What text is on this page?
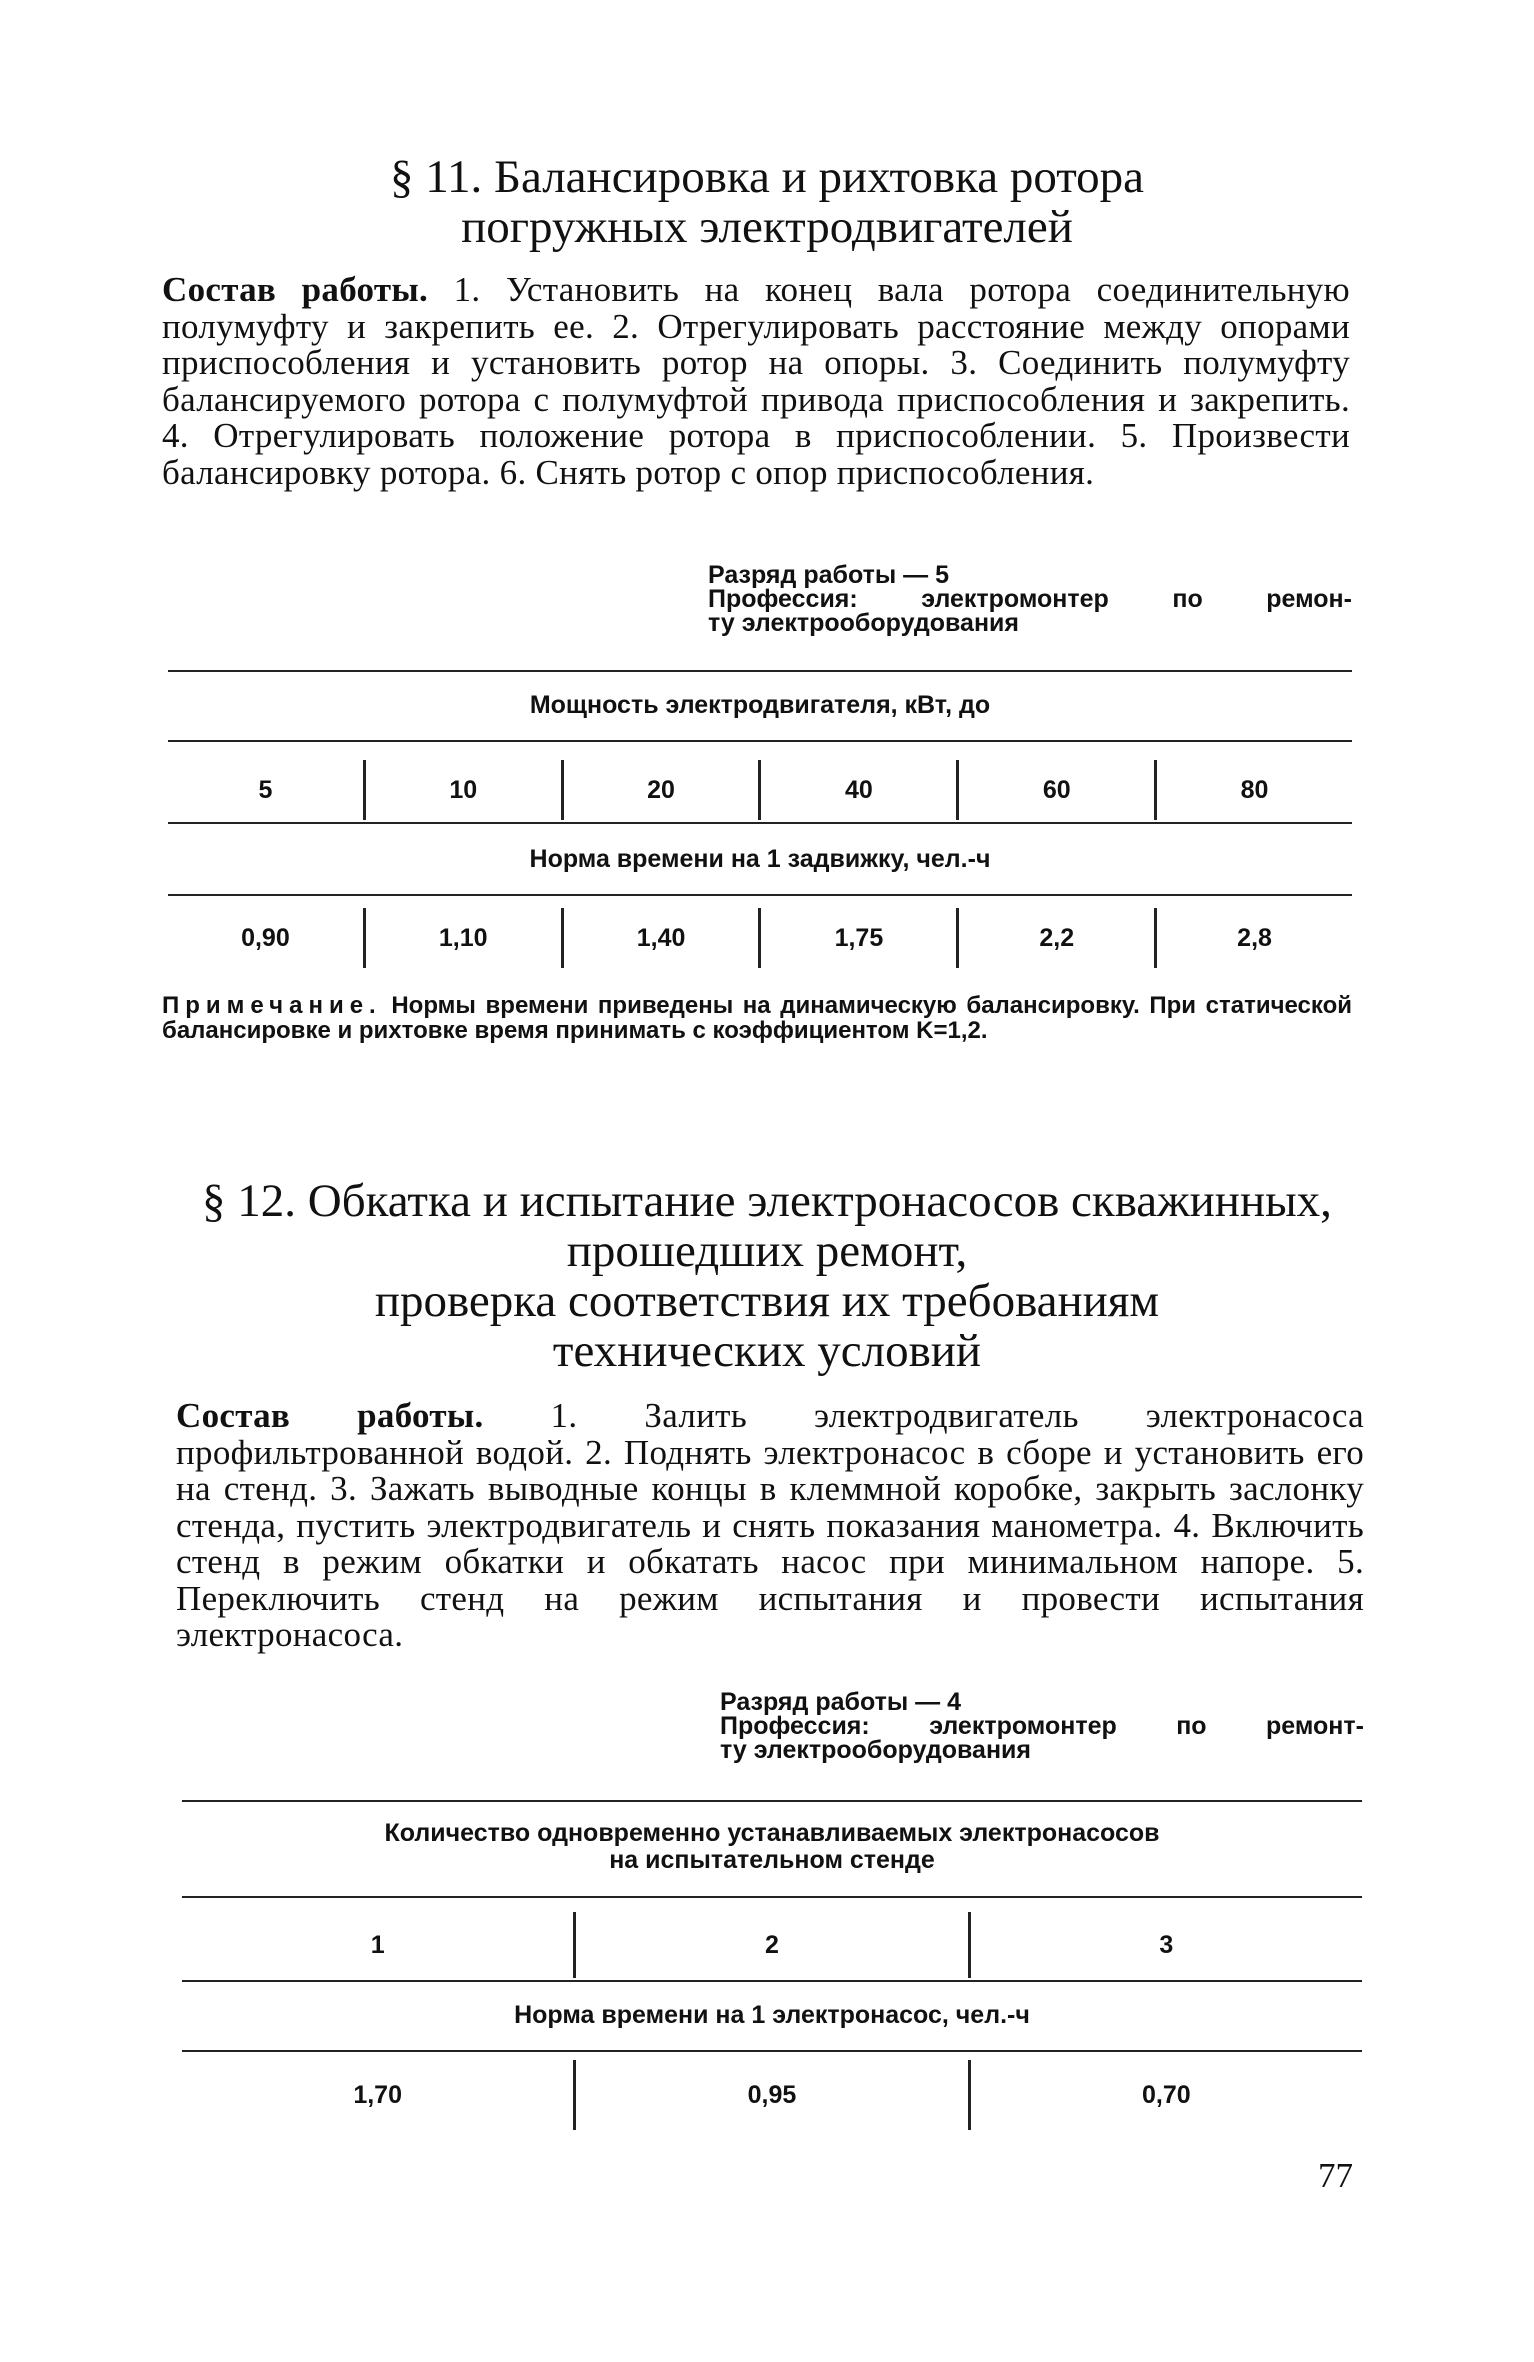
§ 11. Балансировка и рихтовка ротора
погружных электродвигателей
Состав работы. 1. Установить на конец вала ротора соединительную полумуфту и закрепить ее. 2. Отрегулировать расстояние между опорами приспособления и установить ротор на опоры. 3. Соединить полумуфту балансируемого ротора с полумуфтой привода приспособления и закрепить. 4. Отрегулировать положение ротора в приспособлении. 5. Произвести балансировку ротора. 6. Снять ротор с опор приспособления.
Разряд работы — 5
Профессия:	электромонтер	по	ремон-
ту электрооборудования
Мощность электродвигателя, кВт, до
5	10	20	40	60	80
Норма времени на 1 задвижку, чел.-ч
0,90	1,10	1,40	1,75	2,2	2,8
Примечание. Нормы времени приведены на динамическую балансировку. При статической балансировке и рихтовке время принимать с коэффициентом K=1,2.
§ 12. Обкатка и испытание электронасосов скважинных,
прошедших ремонт,
проверка соответствия их требованиям
технических условий
Состав работы. 1. Залить электродвигатель электронасоса профильтрованной водой. 2. Поднять электронасос в сборе и установить его на стенд. 3. Зажать выводные концы в клеммной коробке, закрыть заслонку стенда, пустить электродвигатель и снять показания манометра. 4. Включить стенд в режим обкатки и обкатать насос при минимальном напоре. 5. Переключить стенд на режим испытания и провести испытания электронасоса.
Разряд работы — 4
Профессия: электромонтер по ремонт-
ту электрооборудования
Количество одновременно устанавливаемых электронасосов
на испытательном стенде
1	2	3
Норма времени на 1 электронасос, чел.-ч
1,70	0,95	0,70
77
